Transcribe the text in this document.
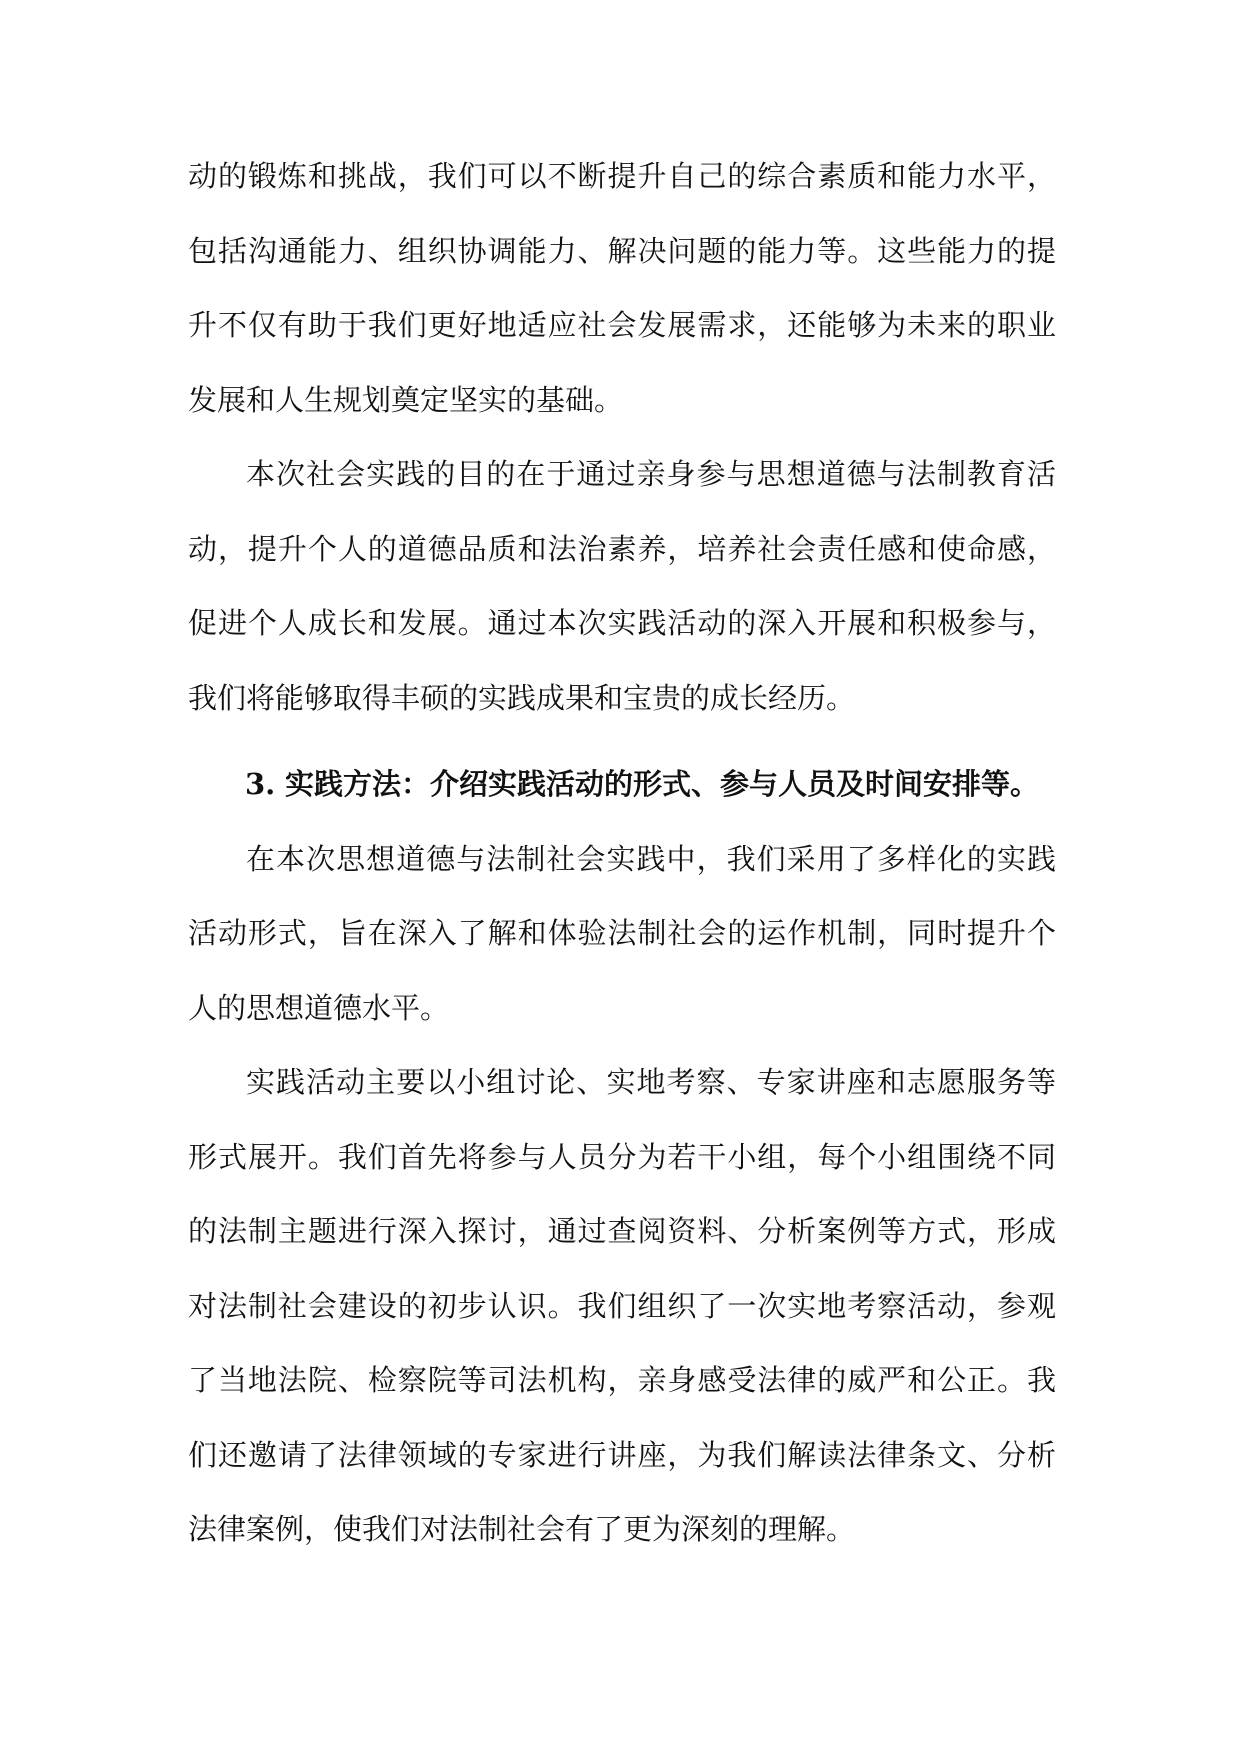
动的锻炼和挑战，我们可以不断提升自己的综合素质和能力水平，包括沟通能力、组织协调能力、解决问题的能力等。这些能力的提升不仅有助于我们更好地适应社会发展需求，还能够为未来的职业发展和人生规划奠定坚实的基础。

本次社会实践的目的在于通过亲身参与思想道德与法制教育活动，提升个人的道德品质和法治素养，培养社会责任感和使命感，促进个人成长和发展。通过本次实践活动的深入开展和积极参与，我们将能够取得丰硕的实践成果和宝贵的成长经历。

3. 实践方法：介绍实践活动的形式、参与人员及时间安排等。

在本次思想道德与法制社会实践中，我们采用了多样化的实践活动形式，旨在深入了解和体验法制社会的运作机制，同时提升个人的思想道德水平。

实践活动主要以小组讨论、实地考察、专家讲座和志愿服务等形式展开。我们首先将参与人员分为若干小组，每个小组围绕不同的法制主题进行深入探讨，通过查阅资料、分析案例等方式，形成对法制社会建设的初步认识。我们组织了一次实地考察活动，参观了当地法院、检察院等司法机构，亲身感受法律的威严和公正。我们还邀请了法律领域的专家进行讲座，为我们解读法律条文、分析法律案例，使我们对法制社会有了更为深刻的理解。
